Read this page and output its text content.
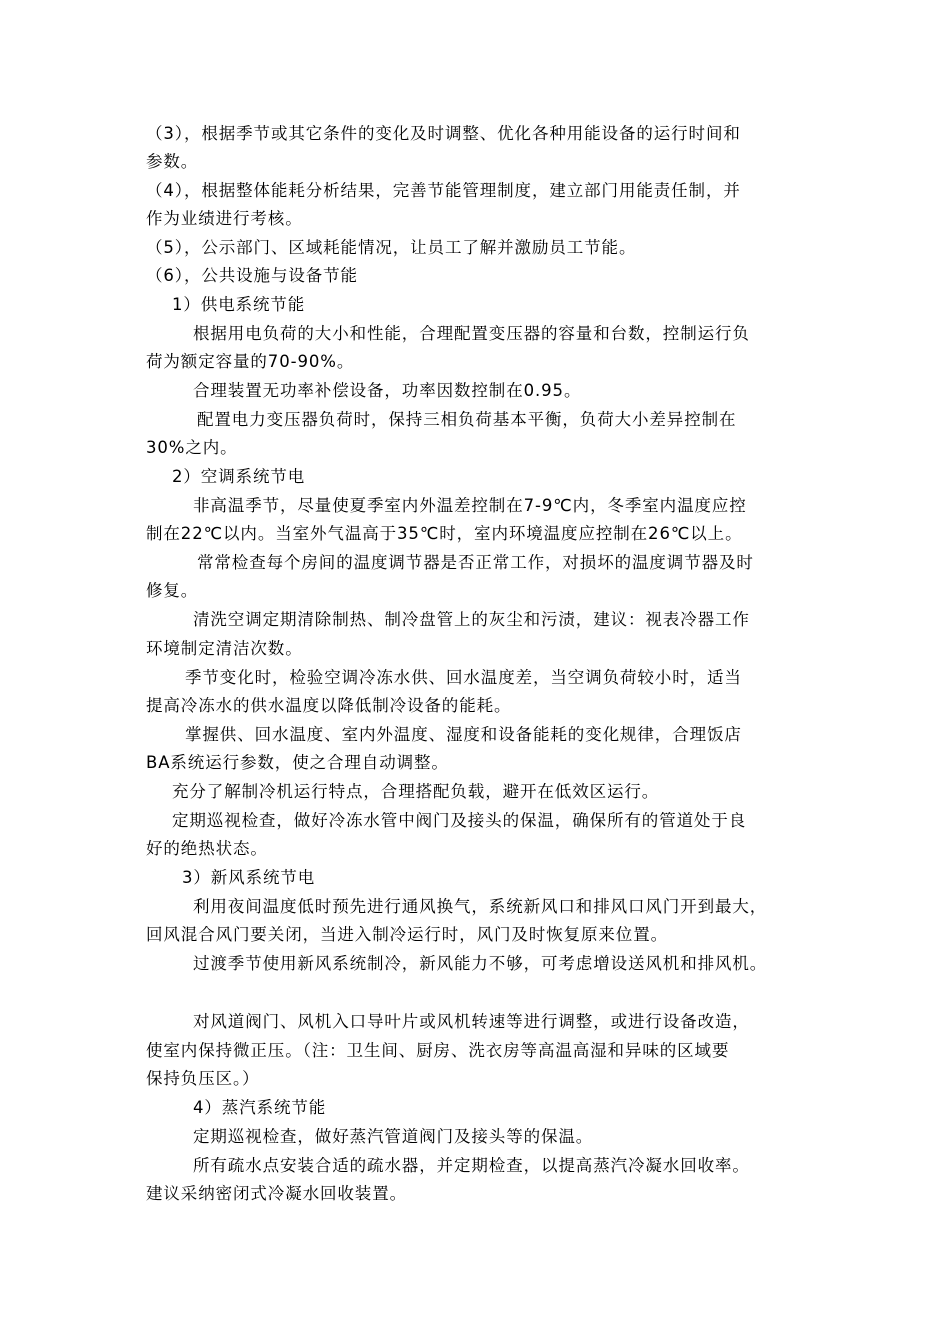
（3），根据季节或其它条件的变化及时调整、优化各种用能设备的运行时间和

参数。

（4），根据整体能耗分析结果，完善节能管理制度，建立部门用能责任制，并

作为业绩进行考核。

（5），公示部门、区域耗能情况，让员工了解并激励员工节能。

（6），公共设施与设备节能

1）供电系统节能

根据用电负荷的大小和性能，合理配置变压器的容量和台数，控制运行负

荷为额定容量的70-90%。

合理装置无功率补偿设备，功率因数控制在0.95。

配置电力变压器负荷时，保持三相负荷基本平衡，负荷大小差异控制在

30%之内。

2）空调系统节电

非高温季节，尽量使夏季室内外温差控制在7-9℃内，冬季室内温度应控

制在22℃以内。当室外气温高于35℃时，室内环境温度应控制在26℃以上。

常常检查每个房间的温度调节器是否正常工作，对损坏的温度调节器及时

修复。

清洗空调定期清除制热、制冷盘管上的灰尘和污渍，建议：视表冷器工作

环境制定清洁次数。

季节变化时，检验空调冷冻水供、回水温度差，当空调负荷较小时，适当

提高冷冻水的供水温度以降低制冷设备的能耗。

掌握供、回水温度、室内外温度、湿度和设备能耗的变化规律，合理饭店

BA系统运行参数，使之合理自动调整。

充分了解制冷机运行特点，合理搭配负载，避开在低效区运行。

定期巡视检查，做好冷冻水管中阀门及接头的保温，确保所有的管道处于良

好的绝热状态。

3）新风系统节电

利用夜间温度低时预先进行通风换气，系统新风口和排风口风门开到最大，

回风混合风门要关闭，当进入制冷运行时，风门及时恢复原来位置。

过渡季节使用新风系统制冷，新风能力不够，可考虑增设送风机和排风机。

对风道阀门、风机入口导叶片或风机转速等进行调整，或进行设备改造，

使室内保持微正压。（注：卫生间、厨房、洗衣房等高温高湿和异味的区域要

保持负压区。）

4）蒸汽系统节能

定期巡视检查，做好蒸汽管道阀门及接头等的保温。

所有疏水点安装合适的疏水器，并定期检查，以提高蒸汽冷凝水回收率。

建议采纳密闭式冷凝水回收装置。
